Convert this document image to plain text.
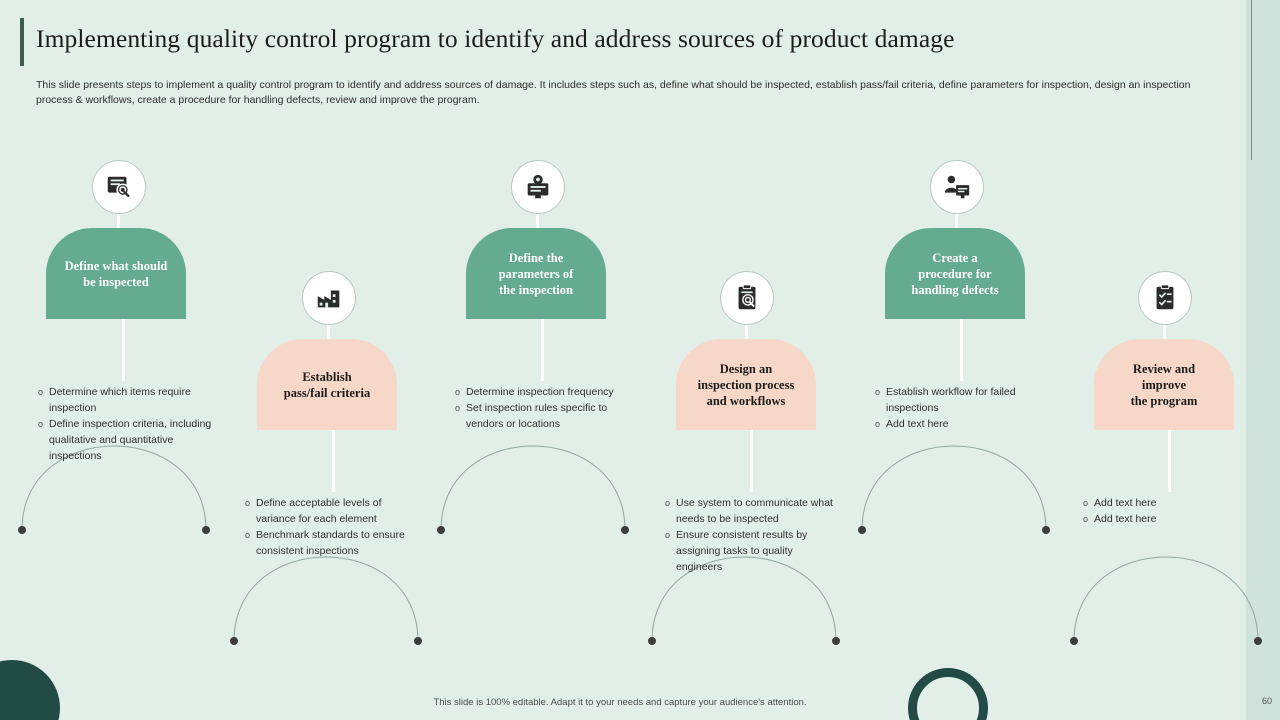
Implementing quality control program to identify and address sources of product damage
This slide presents steps to implement a quality control program to identify and address sources of damage. It includes steps such as, define what should be inspected, establish pass/fail criteria, define parameters for inspection, design an inspection process & workflows, create a procedure for handling defects, review and improve the program.
Define what should
be inspected
o Determine which items require inspection
o Define inspection criteria, including qualitative and quantitative inspections
Establish
pass/fail criteria
o Define acceptable levels of variance for each element
o Benchmark standards to ensure consistent inspections
Define the
parameters of
the inspection
o Determine inspection frequency
o Set inspection rules specific to vendors or locations
Design an
inspection process
and workflows
o Use system to communicate what needs to be inspected
o Ensure consistent results by assigning tasks to quality engineers
Create a
procedure for
handling defects
o Establish workflow for failed inspections
o Add text here
Review and
improve
the program
o Add text here
o Add text here
This slide is 100% editable. Adapt it to your needs and capture your audience's attention.	60
